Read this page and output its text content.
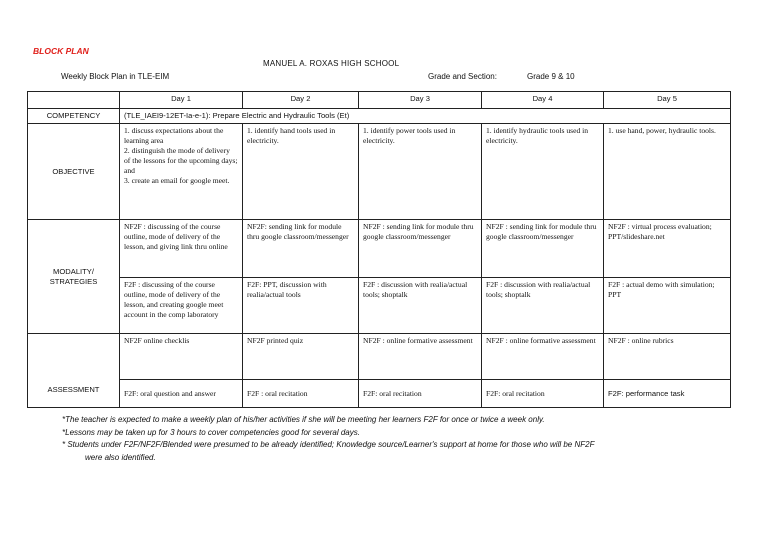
BLOCK PLAN
MANUEL A. ROXAS HIGH SCHOOL
Weekly Block Plan in TLE-EIM	Grade and Section:	Grade 9 & 10
	Day 1	Day 2	Day 3	Day 4	Day 5
COMPETENCY	(TLE_IAEI9-12ET-Ia-e-1): Prepare Electric and Hydraulic Tools (Et)				
OBJECTIVE	1. discuss expectations about the learning area
2. distinguish the mode of delivery of the lessons for the upcoming days; and
3. create an email for google meet.	1. identify hand tools used in electricity.	1. identify power tools used in electricity.	1. identify hydraulic tools used in electricity.	1. use hand, power, hydraulic tools.
MODALITY/ STRATEGIES	NF2F : discussing of the course outline, mode of delivery of the lesson, and giving link thru online	NF2F: sending link for module thru google classroom/messenger	NF2F : sending link for module thru google classroom/messenger	NF2F : sending link for module thru google classroom/messenger	NF2F : virtual process evaluation; PPT/slideshare.net
	F2F : discussing of the course outline, mode of delivery of the lesson, and creating google meet account in the comp laboratory	F2F: PPT, discussion with realia/actual tools	F2F : discussion with realia/actual tools; shoptalk	F2F : discussion with realia/actual tools; shoptalk	F2F : actual demo with simulation; PPT
ASSESSMENT	NF2F online checklis	NF2F printed quiz	NF2F : online formative assessment	NF2F : online formative assessment	NF2F : online rubrics
	F2F: oral question and answer	F2F : oral recitation	F2F: oral recitation	F2F: oral recitation	F2F: performance task
*The teacher is expected to make a weekly plan of his/her activities if she will be meeting her learners F2F for once or twice a week only.
*Lessons may be taken up for 3 hours to cover competencies good for several days.
* Students under F2F/NF2F/Blended were presumed to be already identified; Knowledge source/Learner's support at home for those who will be NF2F
were also identified.
